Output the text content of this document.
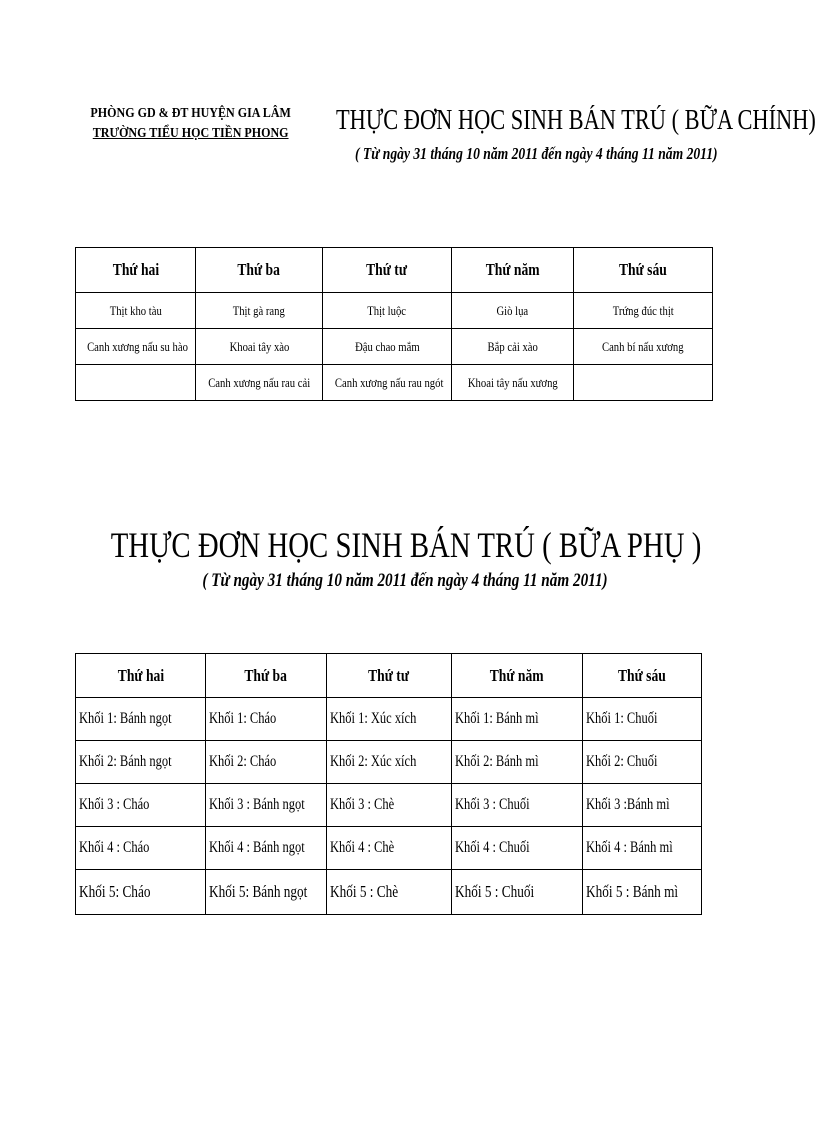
PHÒNG GD & ĐT HUYỆN GIA LÂM
TRƯỜNG TIỂU HỌC TIỀN PHONG	THỰC ĐƠN HỌC SINH BÁN TRÚ ( BỮA CHÍNH)
( Từ ngày 31 tháng 10 năm 2011 đến ngày 4 tháng 11 năm 2011)
Thứ hai	Thứ ba	Thứ tư	Thứ năm	Thứ sáu
Thịt kho tàu	Thịt gà rang	Thịt luộc	Giò lụa	Trứng đúc thịt
Canh xương nấu su hào	Khoai tây xào	Đậu chao mắm	Bắp cải xào	Canh bí nấu xương
	Canh xương nấu rau cải	Canh xương nấu rau ngót	Khoai tây nấu xương	
THỰC ĐƠN HỌC SINH BÁN TRÚ ( BỮA PHỤ )
( Từ ngày 31 tháng 10 năm 2011 đến ngày 4 tháng 11 năm 2011)
Thứ hai	Thứ ba	Thứ tư	Thứ năm	Thứ sáu
Khối 1: Bánh ngọt	Khối 1: Cháo	Khối 1: Xúc xích	Khối 1: Bánh mì	Khối 1: Chuối
Khối 2: Bánh ngọt	Khối 2: Cháo	Khối 2: Xúc xích	Khối 2: Bánh mì	Khối 2: Chuối
Khối 3 : Cháo	Khối 3 : Bánh ngọt	Khối 3 : Chè	Khối 3 : Chuối	Khối 3 :Bánh mì
Khối 4 : Cháo	Khối 4 : Bánh ngọt	Khối 4 : Chè	Khối 4 : Chuối	Khối 4 : Bánh mì
Khối 5: Cháo	Khối 5: Bánh ngọt	Khối 5 : Chè	Khối 5 : Chuối	Khối 5 : Bánh mì
